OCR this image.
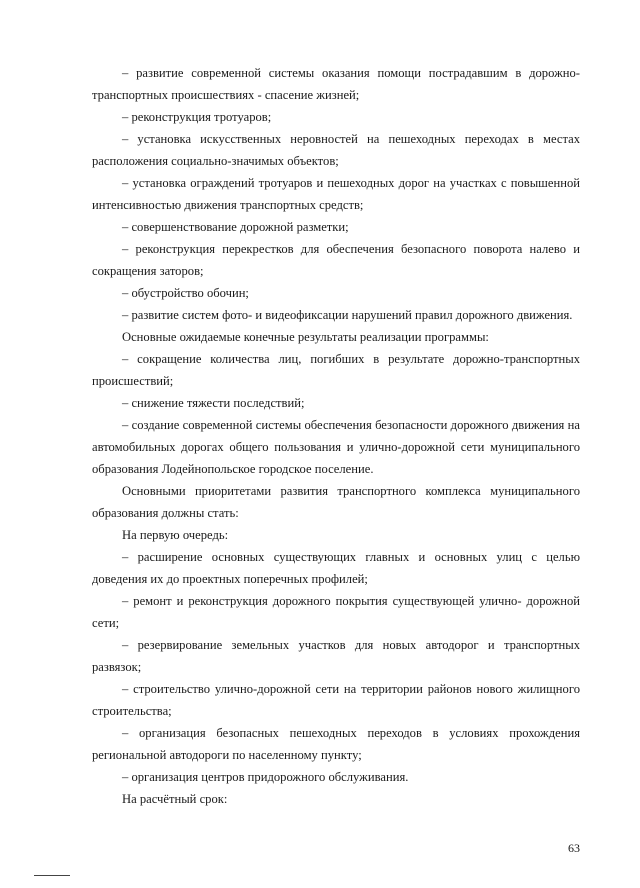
– развитие современной системы оказания помощи пострадавшим в дорожно-транспортных происшествиях - спасение жизней;

– реконструкция тротуаров;

– установка искусственных неровностей на пешеходных переходах в местах расположения социально-значимых объектов;

– установка ограждений тротуаров и пешеходных дорог на участках с повышенной интенсивностью движения транспортных средств;

– совершенствование дорожной разметки;

– реконструкция перекрестков для обеспечения безопасного поворота налево и сокращения заторов;

– обустройство обочин;

– развитие систем фото- и видеофиксации нарушений правил дорожного движения.

Основные ожидаемые конечные результаты реализации программы:

– сокращение количества лиц, погибших в результате дорожно-транспортных происшествий;

– снижение тяжести последствий;

– создание современной системы обеспечения безопасности дорожного движения на автомобильных дорогах общего пользования и улично-дорожной сети муниципального образования Лодейнопольское городское поселение.

Основными приоритетами развития транспортного комплекса муниципального образования должны стать:

На первую очередь:

– расширение основных существующих главных и основных улиц с целью доведения их до проектных поперечных профилей;

– ремонт и реконструкция дорожного покрытия существующей улично- дорожной сети;

– резервирование земельных участков для новых автодорог и транспортных развязок;

– строительство улично-дорожной сети на территории районов нового жилищного строительства;

– организация безопасных пешеходных переходов в условиях прохождения региональной автодороги по населенному пункту;

– организация центров придорожного обслуживания.

На расчётный срок:

63
